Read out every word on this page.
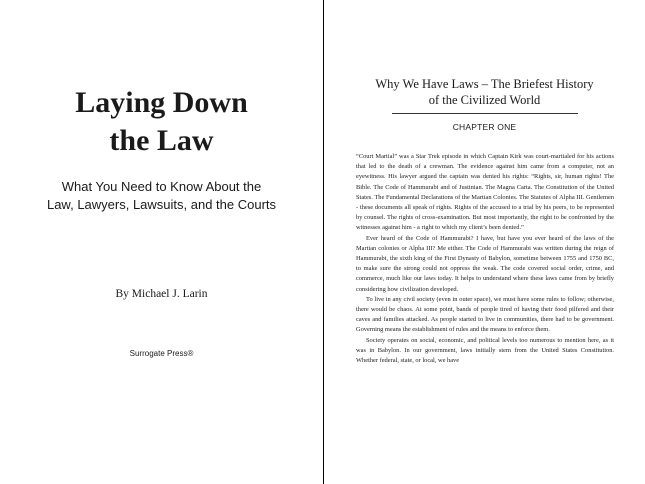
Laying Down
the Law

What You Need to Know About the
Law, Lawyers, Lawsuits, and the Courts

By Michael J. Larin

Surrogate Press®

Why We Have Laws – The Briefest History
of the Civilized World

CHAPTER ONE

“Court Martial” was a Star Trek episode in which Captain Kirk was court-martialed for his actions that led to the death of a crewman. The evidence against him came from a computer, not an eyewitness. His lawyer argued the captain was denied his rights: “Rights, sir, human rights! The Bible. The Code of Hammurabi and of Justinian. The Magna Carta. The Constitution of the United States. The Fundamental Declarations of the Martian Colonies. The Statutes of Alpha III. Gentlemen - these documents all speak of rights. Rights of the accused to a trial by his peers, to be represented by counsel. The rights of cross-examination. But most importantly, the right to be confronted by the witnesses against him - a right to which my client’s been denied.”

Ever heard of the Code of Hammurabi? I have, but have you ever heard of the laws of the Martian colonies or Alpha III? Me either. The Code of Hammurabi was written during the reign of Hammurabi, the sixth king of the First Dynasty of Babylon, sometime between 1755 and 1750 BC, to make sure the strong could not oppress the weak. The code covered social order, crime, and commerce, much like our laws today. It helps to understand where these laws came from by briefly considering how civilization developed.

To live in any civil society (even in outer space), we must have some rules to follow; otherwise, there would be chaos. At some point, bands of people tired of having their food pilfered and their caves and families attacked. As people started to live in communities, there had to be government. Governing means the establishment of rules and the means to enforce them.

Society operates on social, economic, and political levels too numerous to mention here, as it was in Babylon. In our government, laws initially stem from the United States Constitution. Whether federal, state, or local, we have
